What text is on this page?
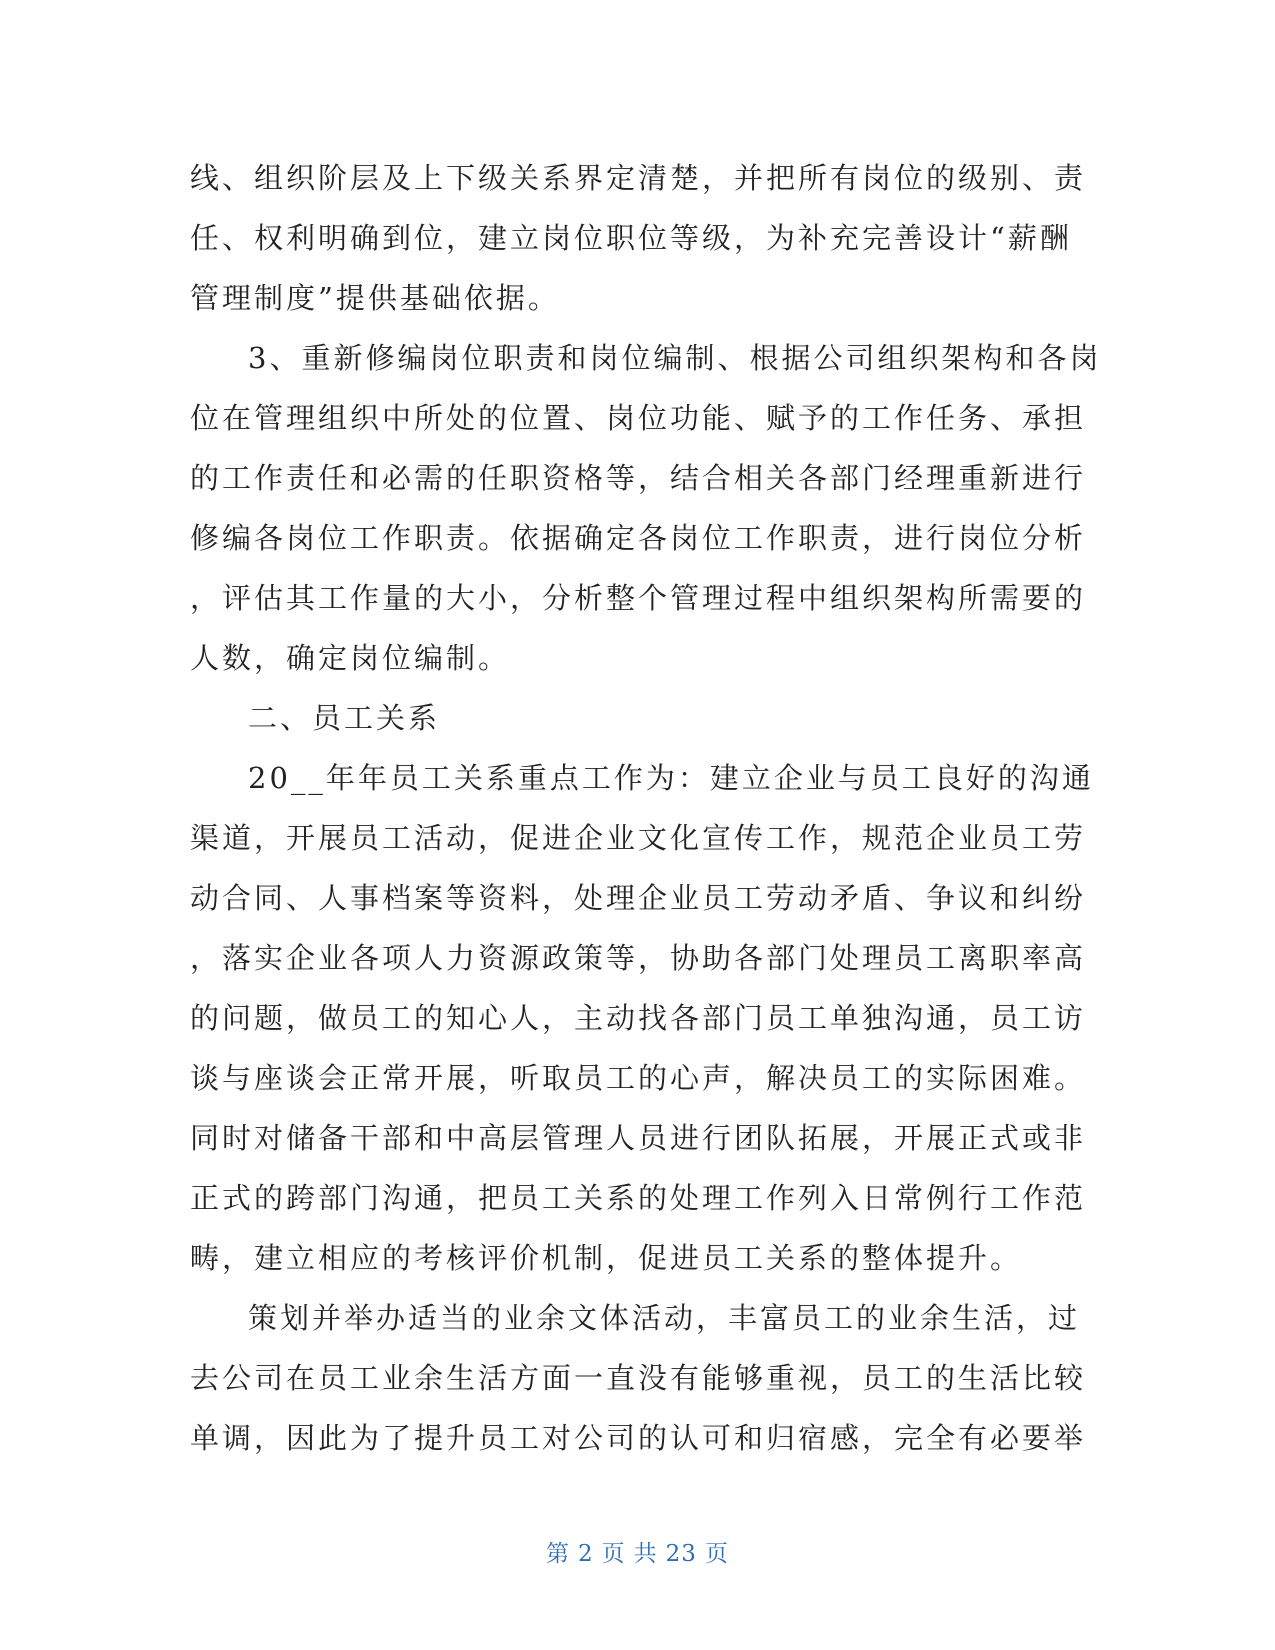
线、组织阶层及上下级关系界定清楚，并把所有岗位的级别、责
任、权利明确到位，建立岗位职位等级，为补充完善设计“薪酬
管理制度”提供基础依据。
3、重新修编岗位职责和岗位编制、根据公司组织架构和各岗
位在管理组织中所处的位置、岗位功能、赋予的工作任务、承担
的工作责任和必需的任职资格等，结合相关各部门经理重新进行
修编各岗位工作职责。依据确定各岗位工作职责，进行岗位分析
，评估其工作量的大小，分析整个管理过程中组织架构所需要的
人数，确定岗位编制。
二、员工关系
20__年年员工关系重点工作为：建立企业与员工良好的沟通
渠道，开展员工活动，促进企业文化宣传工作，规范企业员工劳
动合同、人事档案等资料，处理企业员工劳动矛盾、争议和纠纷
，落实企业各项人力资源政策等，协助各部门处理员工离职率高
的问题，做员工的知心人，主动找各部门员工单独沟通，员工访
谈与座谈会正常开展，听取员工的心声，解决员工的实际困难。
同时对储备干部和中高层管理人员进行团队拓展，开展正式或非
正式的跨部门沟通，把员工关系的处理工作列入日常例行工作范
畴，建立相应的考核评价机制，促进员工关系的整体提升。
策划并举办适当的业余文体活动，丰富员工的业余生活，过
去公司在员工业余生活方面一直没有能够重视，员工的生活比较
单调，因此为了提升员工对公司的认可和归宿感，完全有必要举
第 2 页 共 23 页
